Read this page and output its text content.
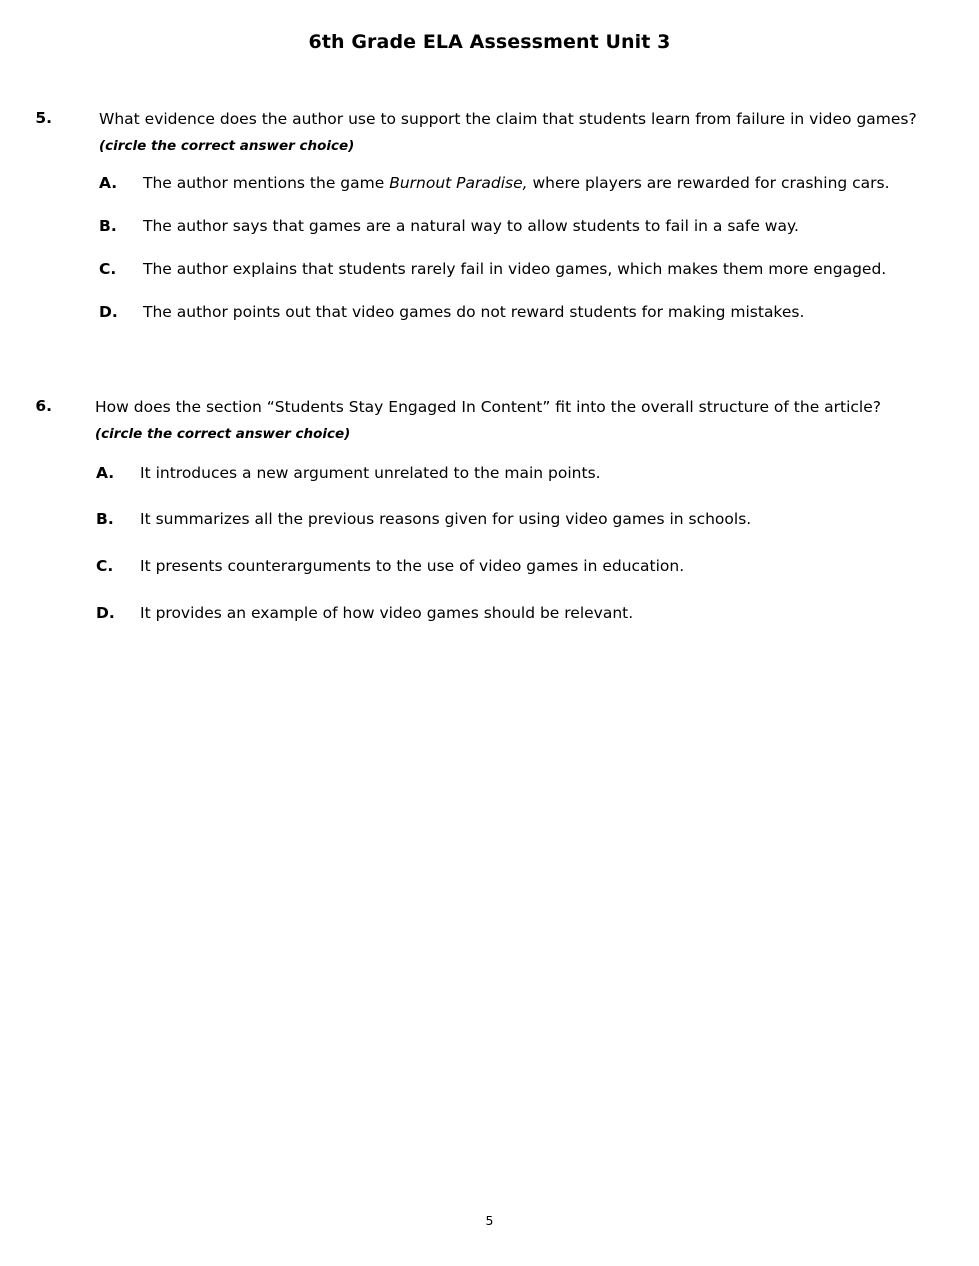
6th Grade ELA Assessment Unit 3
5.	What evidence does the author use to support the claim that students learn from failure in video games?
(circle the correct answer choice)
A.	The author mentions the game Burnout Paradise, where players are rewarded for crashing cars.
B.	The author says that games are a natural way to allow students to fail in a safe way.
C.	The author explains that students rarely fail in video games, which makes them more engaged.
D.	The author points out that video games do not reward students for making mistakes.
6.	How does the section “Students Stay Engaged In Content” fit into the overall structure of the article?
(circle the correct answer choice)
A.	It introduces a new argument unrelated to the main points.
B.	It summarizes all the previous reasons given for using video games in schools.
C.	It presents counterarguments to the use of video games in education.
D.	It provides an example of how video games should be relevant.
5
